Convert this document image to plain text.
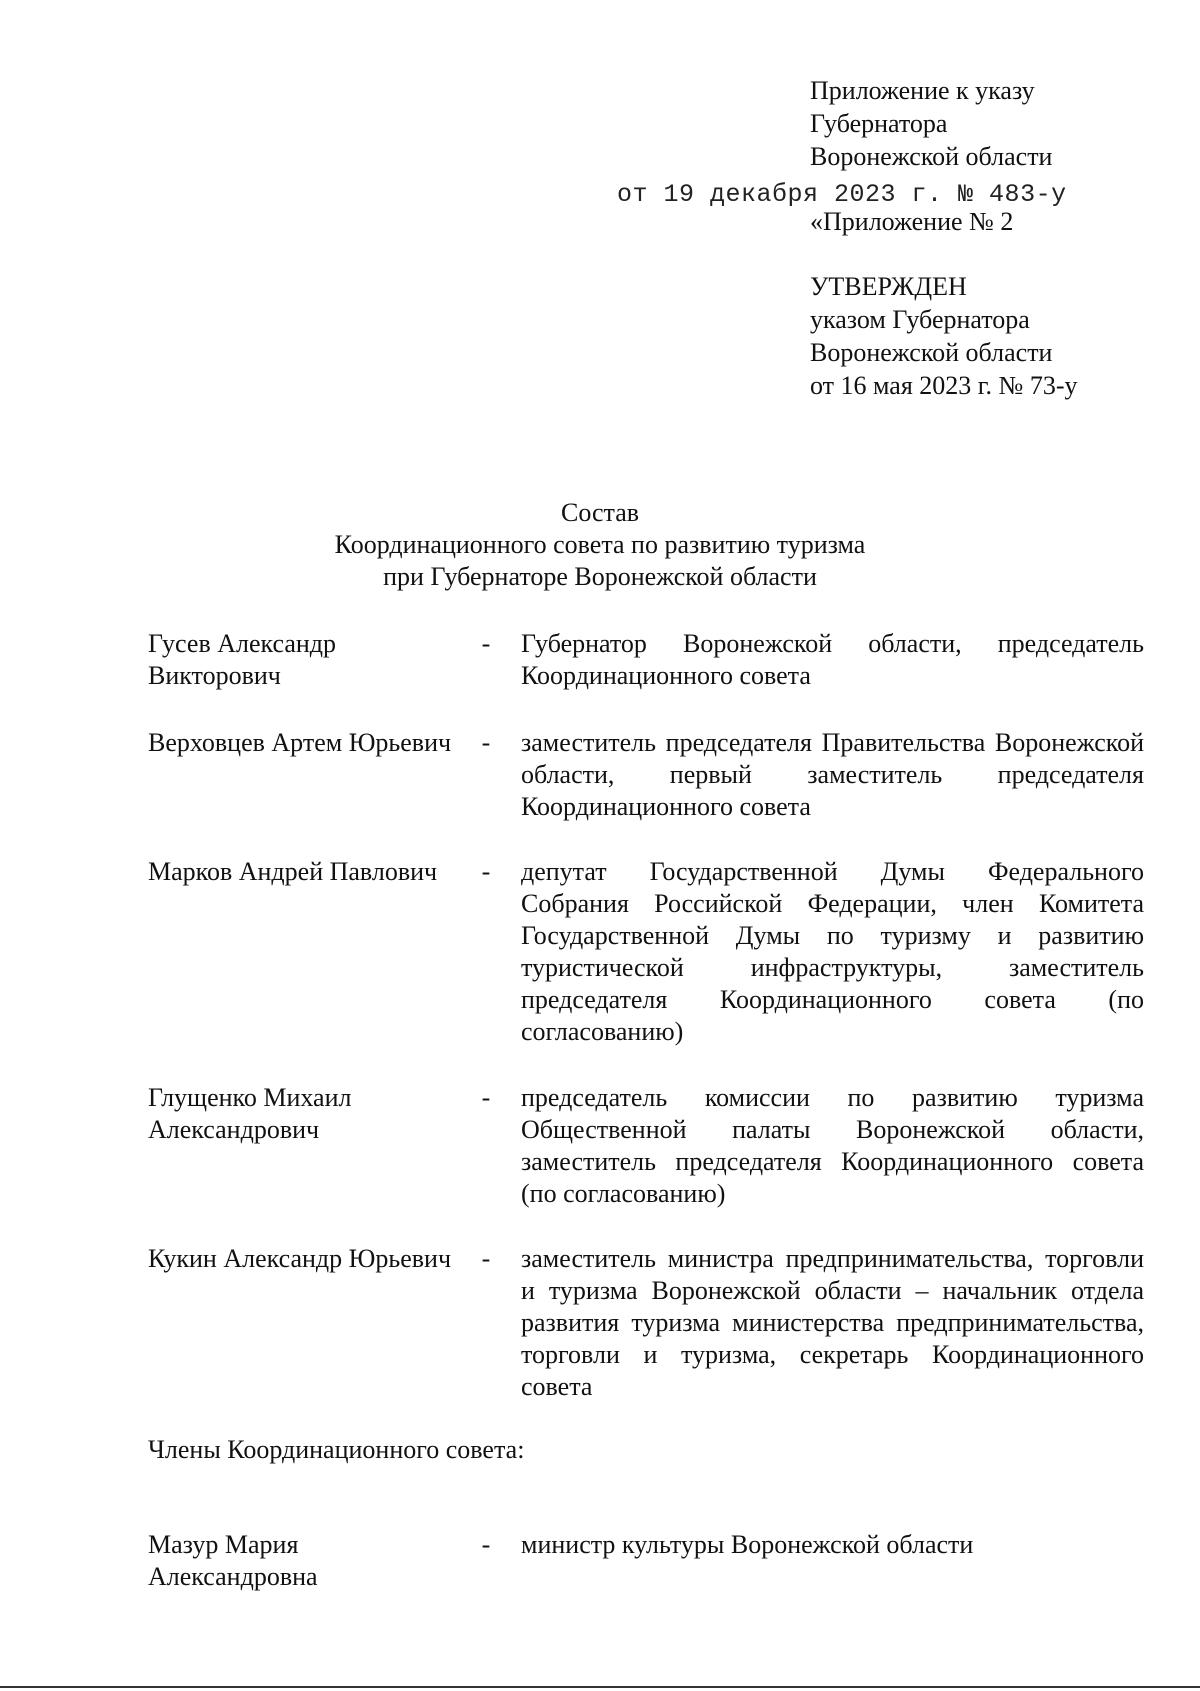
Приложение к указу
Губернатора
Воронежской области
от 19 декабря 2023 г. № 483-у
«Приложение № 2
УТВЕРЖДЕН
указом Губернатора
Воронежской области
от 16 мая 2023 г. № 73-у
Состав
Координационного совета по развитию туризма
при Губернаторе Воронежской области
Гусев Александр Викторович
- Губернатор Воронежской области, председатель Координационного совета
Верховцев Артем Юрьевич - заместитель председателя Правительства Воронежской области, первый заместитель председателя Координационного совета
Марков Андрей Павлович	- депутат Государственной Думы Федерального Собрания Российской Федерации, член Комитета Государственной Думы по туризму и развитию туристической инфраструктуры, заместитель председателя Координационного совета (по согласованию)
Глущенко Михаил Александрович
- председатель комиссии по развитию туризма Общественной палаты Воронежской области, заместитель председателя Координационного совета (по согласованию)
Кукин Александр Юрьевич - заместитель министра предпринимательства, торговли и туризма Воронежской области – начальник отдела развития туризма министерства предпринимательства, торговли и туризма, секретарь Координационного совета
Члены Координационного совета:
Мазур Мария Александровна
- министр культуры Воронежской области
